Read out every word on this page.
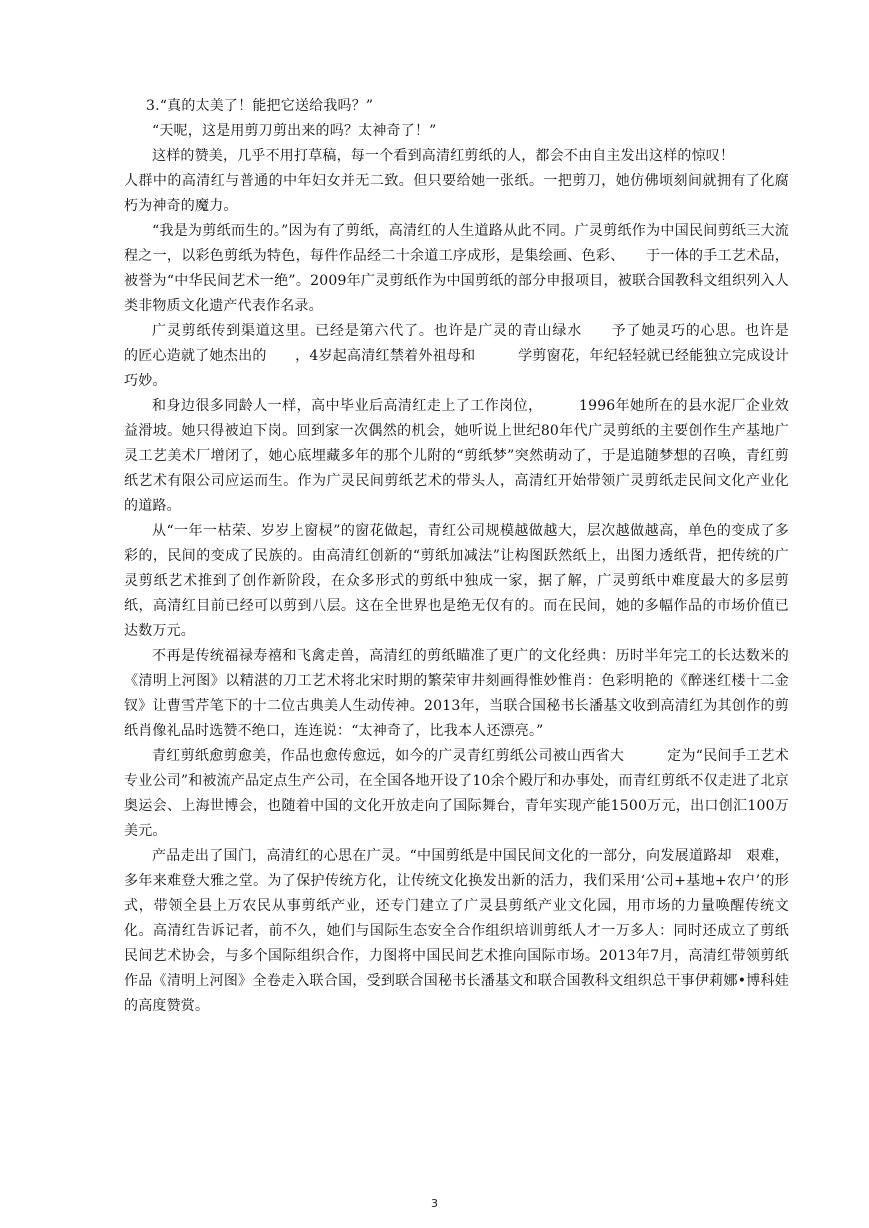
3.“真的太美了！能把它送给我吗？”

“天呢，这是用剪刀剪出来的吗？太神奇了！”

这样的赞美，几乎不用打草稿，每一个看到高清红剪纸的人，都会不由自主发出这样的惊叹！

人群中的高清红与普通的中年妇女并无二致。但只要给她一张纸。一把剪刀，她仿佛顷刻间就拥有了化腐朽为神奇的魔力。

“我是为剪纸而生的。”因为有了剪纸，高清红的人生道路从此不同。广灵剪纸作为中国民间剪纸三大流程之一，以彩色剪纸为特色，每件作品经二十余道工序成形，是集绘画、色彩、　　于一体的手工艺术品，被誉为“中华民间艺术一绝”。2009年广灵剪纸作为中国剪纸的部分申报项目，被联合国教科文组织列入人类非物质文化遗产代表作名录。

广灵剪纸传到渠道这里。已经是第六代了。也许是广灵的青山绿水　　予了她灵巧的心思。也许是　　　的匠心造就了她杰出的　　，4岁起高清红禁着外祖母和　　　学剪窗花，年纪轻轻就已经能独立完成设计巧妙。

和身边很多同龄人一样，高中毕业后高清红走上了工作岗位，　　　1996年她所在的县水泥厂企业效益滑坡。她只得被迫下岗。回到家一次偶然的机会，她听说上世纪80年代广灵剪纸的主要创作生产基地广灵工艺美术厂增闭了，她心底埋藏多年的那个儿附的“剪纸梦”突然萌动了，于是追随梦想的召唤，青红剪纸艺术有限公司应运而生。作为广灵民间剪纸艺术的带头人，高清红开始带领广灵剪纸走民间文化产业化的道路。

从“一年一枯荣、岁岁上窗棂”的窗花做起，青红公司规模越做越大，层次越做越高，单色的变成了多彩的，民间的变成了民族的。由高清红创新的“剪纸加减法”让构图跃然纸上，出图力透纸背，把传统的广灵剪纸艺术推到了创作新阶段，在众多形式的剪纸中独成一家，据了解，广灵剪纸中难度最大的多层剪纸，高清红目前已经可以剪到八层。这在全世界也是绝无仅有的。而在民间，她的多幅作品的市场价值已达数万元。

不再是传统福禄寿禧和飞禽走兽，高清红的剪纸瞄准了更广的文化经典：历时半年完工的长达数米的《清明上河图》以精湛的刀工艺术将北宋时期的繁荣审井刻画得惟妙惟肖：色彩明艳的《醉迷红楼十二金钗》让曹雪芹笔下的十二位古典美人生动传神。2013年，当联合国秘书长潘基文收到高清红为其创作的剪纸肖像礼品时选赞不绝口，连连说：“太神奇了，比我本人还漂亮。”

青红剪纸愈剪愈美，作品也愈传愈远，如今的广灵青红剪纸公司被山西省大　　　定为“民间手工艺术专业公司”和被流产品定点生产公司，在全国各地开设了10余个殿厅和办事处，而青红剪纸不仅走进了北京奥运会、上海世博会，也随着中国的文化开放走向了国际舞台，青年实现产能1500万元，出口创汇100万美元。

产品走出了国门，高清红的心思在广灵。“中国剪纸是中国民间文化的一部分，向发展道路却　艰难，多年来难登大雅之堂。为了保护传统方化，让传统文化换发出新的活力，我们采用‘公司+基地+农户’的形式，带领全县上万农民从事剪纸产业，还专门建立了广灵县剪纸产业文化园，用市场的力量唤醒传统文化。高清红告诉记者，前不久，她们与国际生态安全合作组织培训剪纸人才一万多人：同时还成立了剪纸民间艺术协会，与多个国际组织合作，力图将中国民间艺术推向国际市场。2013年7月，高清红带领剪纸作品《清明上河图》全卷走入联合国，受到联合国秘书长潘基文和联合国教科文组织总干事伊莉娜•博科娃的高度赞赏。

3
